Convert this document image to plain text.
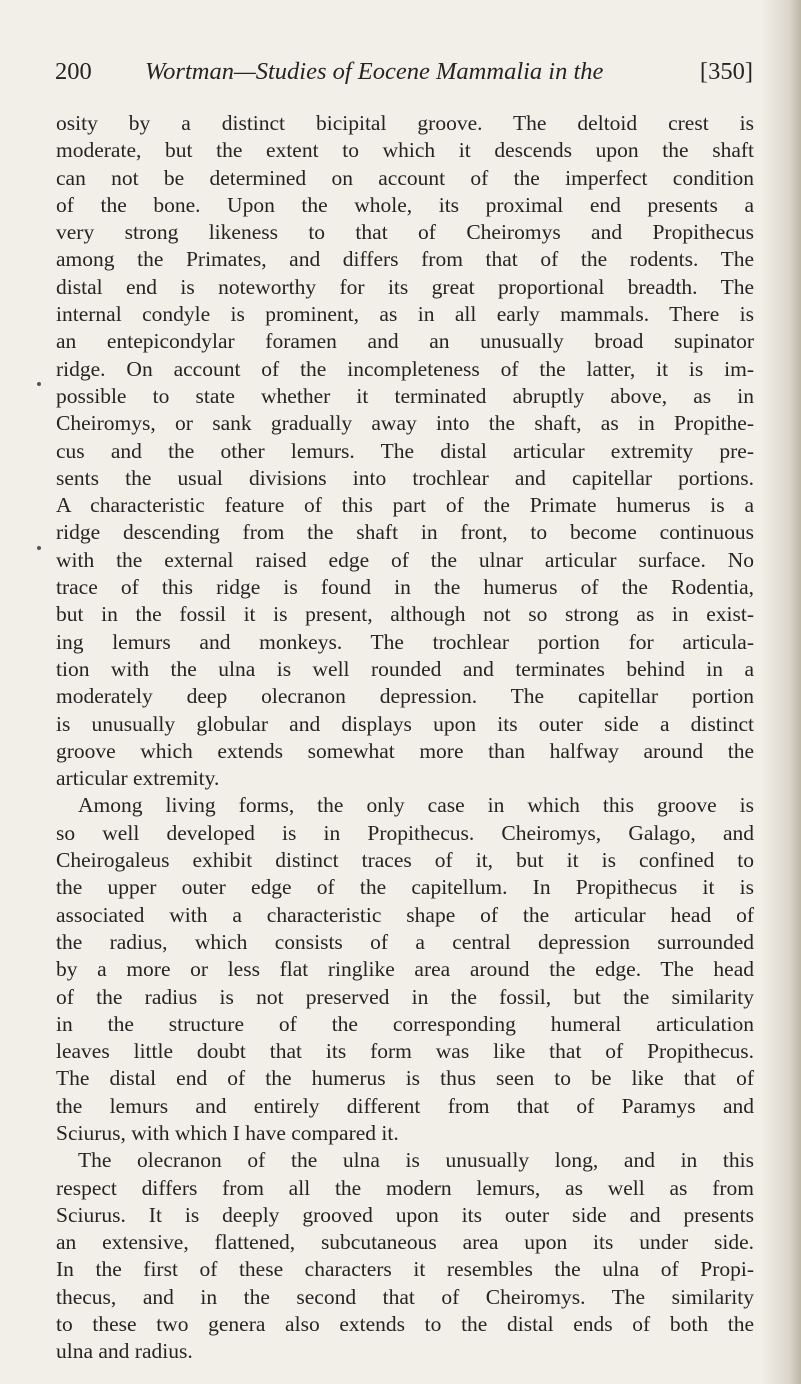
200 Wortman—Studies of Eocene Mammalia in the	[350]
osity by a distinct bicipital groove. The deltoid crest is
moderate, but the extent to which it descends upon the shaft
can not be determined on account of the imperfect condition
of the bone. Upon the whole, its proximal end presents a
very strong likeness to that of Cheiromys and Propithecus
among the Primates, and differs from that of the rodents. The
distal end is noteworthy for its great proportional breadth. The
internal condyle is prominent, as in all early mammals. There is
an entepicondylar foramen and an unusually broad supinator
ridge. On account of the incompleteness of the latter, it is im-
possible to state whether it terminated abruptly above, as in
Cheiromys, or sank gradually away into the shaft, as in Propithe-
cus and the other lemurs. The distal articular extremity pre-
sents the usual divisions into trochlear and capitellar portions.
A characteristic feature of this part of the Primate humerus is a
ridge descending from the shaft in front, to become continuous
with the external raised edge of the ulnar articular surface. No
trace of this ridge is found in the humerus of the Rodentia,
but in the fossil it is present, although not so strong as in exist-
ing lemurs and monkeys. The trochlear portion for articula-
tion with the ulna is well rounded and terminates behind in a
moderately deep olecranon depression. The capitellar portion
is unusually globular and displays upon its outer side a distinct
groove which extends somewhat more than halfway around the
articular extremity.
Among living forms, the only case in which this groove is
so well developed is in Propithecus. Cheiromys, Galago, and
Cheirogaleus exhibit distinct traces of it, but it is confined to
the upper outer edge of the capitellum. In Propithecus it is
associated with a characteristic shape of the articular head of
the radius, which consists of a central depression surrounded
by a more or less flat ringlike area around the edge. The head
of the radius is not preserved in the fossil, but the similarity
in the structure of the corresponding humeral articulation
leaves little doubt that its form was like that of Propithecus.
The distal end of the humerus is thus seen to be like that of
the lemurs and entirely different from that of Paramys and
Sciurus, with which I have compared it.
The olecranon of the ulna is unusually long, and in this
respect differs from all the modern lemurs, as well as from
Sciurus. It is deeply grooved upon its outer side and presents
an extensive, flattened, subcutaneous area upon its under side.
In the first of these characters it resembles the ulna of Propi-
thecus, and in the second that of Cheiromys. The similarity
to these two genera also extends to the distal ends of both the
ulna and radius.
